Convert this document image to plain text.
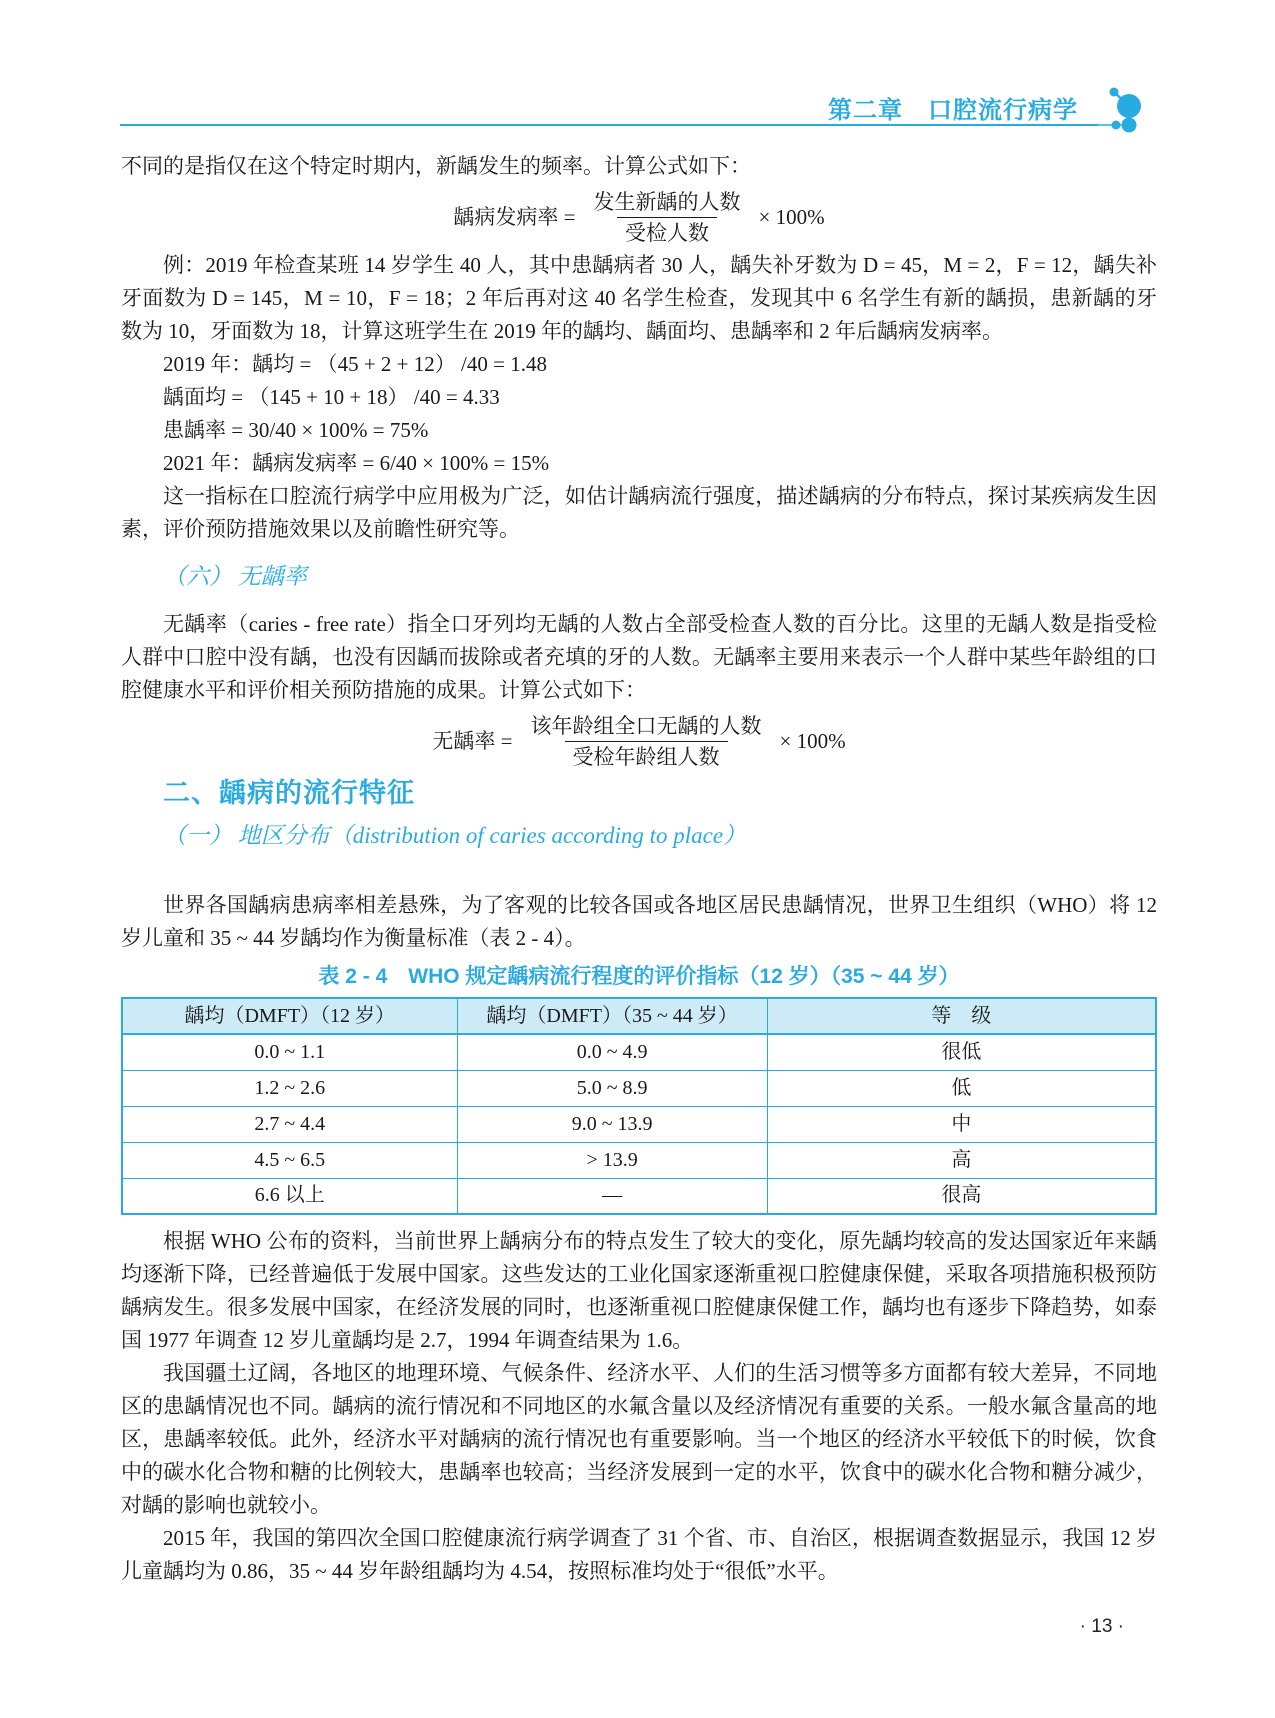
第二章　口腔流行病学

不同的是指仅在这个特定时期内，新龋发生的频率。计算公式如下：

龋病发病率 = $\frac{\text{发生新龋的人数}}{\text{受检人数}} \times 100\%$

例：2019 年检查某班 14 岁学生 40 人，其中患龋病者 30 人，龋失补牙数为 D = 45，M = 2，F = 12，龋失补牙面数为 D = 145，M = 10，F = 18；2 年后再对这 40 名学生检查，发现其中 6 名学生有新的龋损，患新龋的牙数为 10，牙面数为 18，计算这班学生在 2019 年的龋均、龋面均、患龋率和 2 年后龋病发病率。

2019 年：龋均 = （45 + 2 + 12） /40 = 1.48
龋面均 = （145 + 10 + 18） /40 = 4.33
患龋率 = 30/40 × 100% = 75%
2021 年：龋病发病率 = 6/40 × 100% = 15%

这一指标在口腔流行病学中应用极为广泛，如估计龋病流行强度，描述龋病的分布特点，探讨某疾病发生因素，评价预防措施效果以及前瞻性研究等。

（六） 无龋率

无龋率（caries - free rate）指全口牙列均无龋的人数占全部受检查人数的百分比。这里的无龋人数是指受检人群中口腔中没有龋，也没有因龋而拔除或者充填的牙的人数。无龋率主要用来表示一个人群中某些年龄组的口腔健康水平和评价相关预防措施的成果。计算公式如下：

无龋率 = $\frac{\text{该年龄组全口无龋的人数}}{\text{受检年龄组人数}} \times 100\%$
二、龋病的流行特征
（一） 地区分布（distribution of caries according to place）

世界各国龋病患病率相差悬殊，为了客观的比较各国或各地区居民患龋情况，世界卫生组织（WHO）将 12 岁儿童和 35 ~ 44 岁龋均作为衡量标准（表 2 - 4）。

表 2 - 4　WHO 规定龋病流行程度的评价指标（12 岁）（35 ~ 44 岁）
龋均（DMFT）（12 岁）	龋均（DMFT）（35 ~ 44 岁）	等　级
0.0 ~ 1.1	0.0 ~ 4.9	很低
1.2 ~ 2.6	5.0 ~ 8.9	低
2.7 ~ 4.4	9.0 ~ 13.9	中
4.5 ~ 6.5	> 13.9	高
6.6 以上	—	很高

根据 WHO 公布的资料，当前世界上龋病分布的特点发生了较大的变化，原先龋均较高的发达国家近年来龋均逐渐下降，已经普遍低于发展中国家。这些发达的工业化国家逐渐重视口腔健康保健，采取各项措施积极预防龋病发生。很多发展中国家，在经济发展的同时，也逐渐重视口腔健康保健工作，龋均也有逐步下降趋势，如泰国 1977 年调查 12 岁儿童龋均是 2.7，1994 年调查结果为 1.6。

我国疆土辽阔，各地区的地理环境、气候条件、经济水平、人们的生活习惯等多方面都有较大差异，不同地区的患龋情况也不同。龋病的流行情况和不同地区的水氟含量以及经济情况有重要的关系。一般水氟含量高的地区，患龋率较低。此外，经济水平对龋病的流行情况也有重要影响。当一个地区的经济水平较低下的时候，饮食中的碳水化合物和糖的比例较大，患龋率也较高；当经济发展到一定的水平，饮食中的碳水化合物和糖分减少，对龋的影响也就较小。

2015 年，我国的第四次全国口腔健康流行病学调查了 31 个省、市、自治区，根据调查数据显示，我国 12 岁儿童龋均为 0.86，35 ~ 44 岁年龄组龋均为 4.54，按照标准均处于“很低”水平。

· 13 ·
